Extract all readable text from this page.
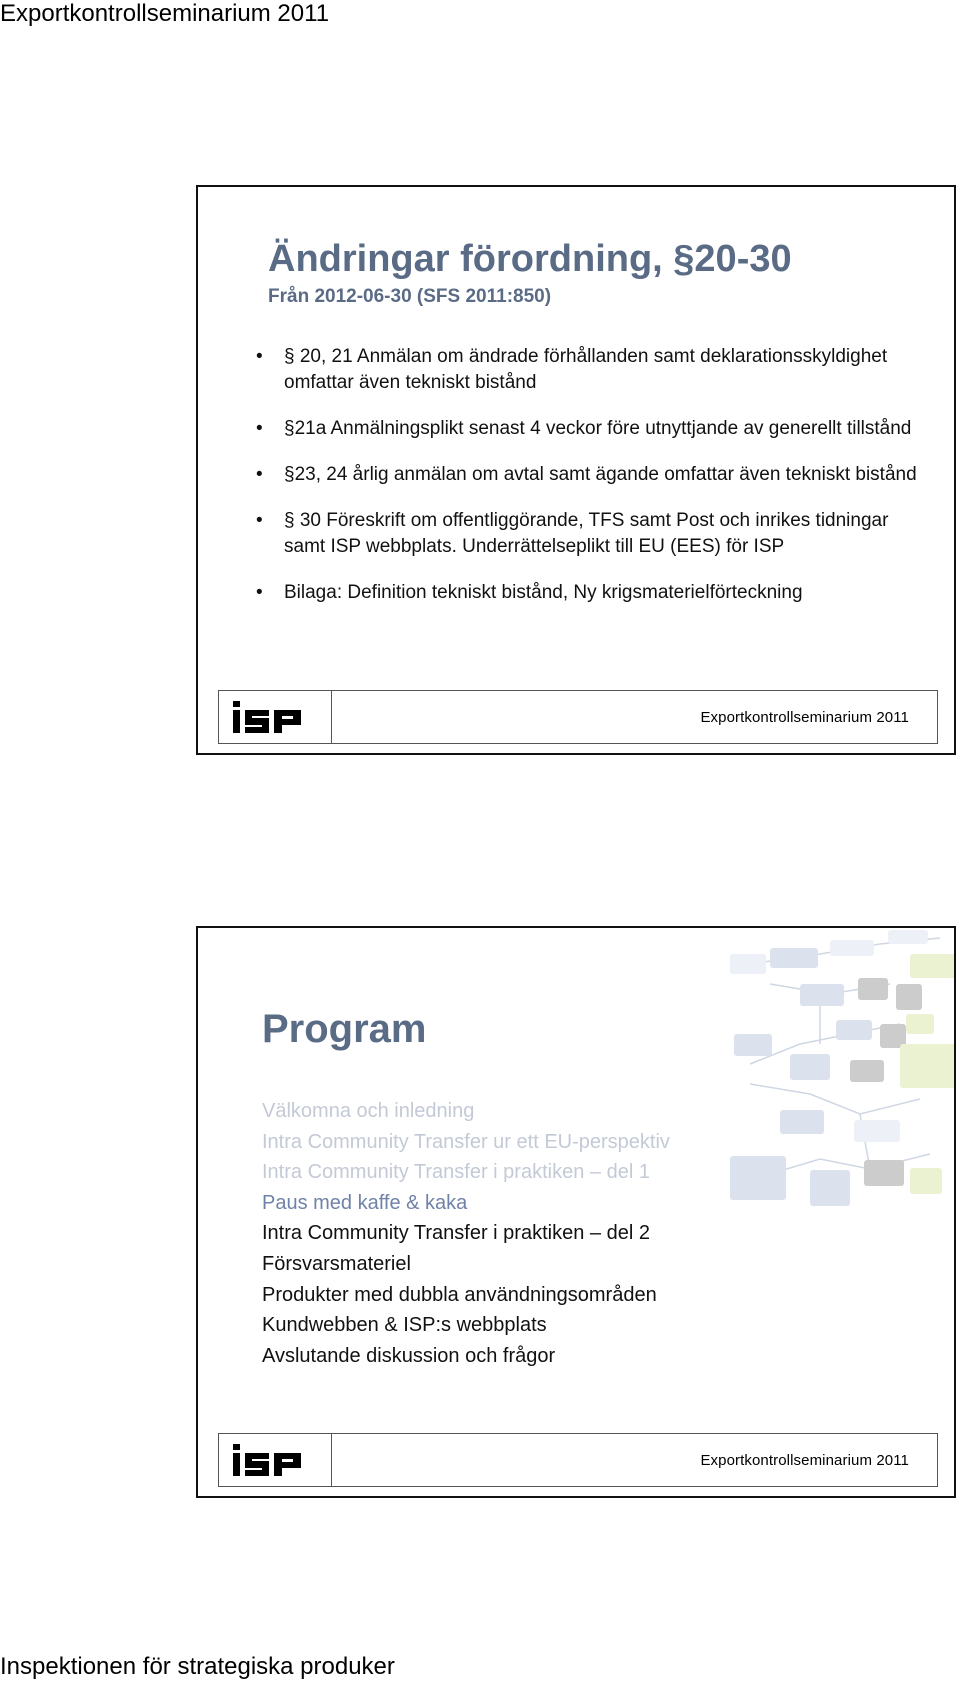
Exportkontrollseminarium 2011
Ändringar förordning, §20-30
Från 2012-06-30 (SFS 2011:850)
• § 20, 21 Anmälan om ändrade förhållanden samt deklarationsskyldighet omfattar även tekniskt bistånd
• §21a Anmälningsplikt senast 4 veckor före utnyttjande av generellt tillstånd
• §23, 24 årlig anmälan om avtal samt ägande omfattar även tekniskt bistånd
• § 30 Föreskrift om offentliggörande, TFS samt Post och inrikes tidningar samt ISP webbplats. Underrättelseplikt till EU (EES) för ISP
• Bilaga: Definition tekniskt bistånd, Ny krigsmaterielförteckning
Exportkontrollseminarium 2011
Program
Välkomna och inledning
Intra Community Transfer ur ett EU-perspektiv
Intra Community Transfer i praktiken – del 1
Paus med kaffe & kaka
Intra Community Transfer i praktiken – del 2
Försvarsmateriel
Produkter med dubbla användningsområden
Kundwebben & ISP:s webbplats
Avslutande diskussion och frågor
Exportkontrollseminarium 2011
Inspektionen för strategiska produker
